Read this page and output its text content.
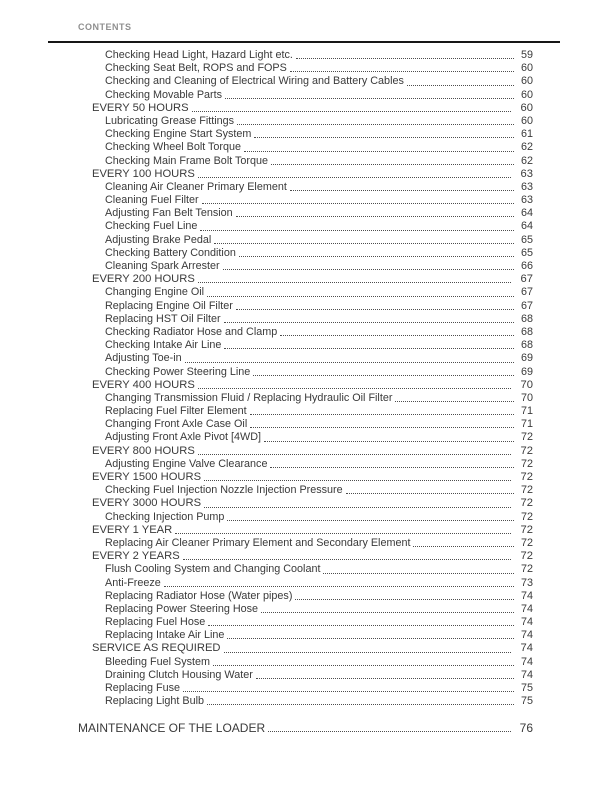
CONTENTS
Checking Head Light, Hazard Light etc.	59
Checking Seat Belt, ROPS and FOPS	60
Checking and Cleaning of Electrical Wiring and Battery Cables	60
Checking Movable Parts	60
EVERY 50 HOURS	60
Lubricating Grease Fittings	60
Checking Engine Start System	61
Checking Wheel Bolt Torque	62
Checking Main Frame Bolt Torque	62
EVERY 100 HOURS	63
Cleaning Air Cleaner Primary Element	63
Cleaning Fuel Filter	63
Adjusting Fan Belt Tension	64
Checking Fuel Line	64
Adjusting Brake Pedal	65
Checking Battery Condition	65
Cleaning Spark Arrester	66
EVERY 200 HOURS	67
Changing Engine Oil	67
Replacing Engine Oil Filter	67
Replacing HST Oil Filter	68
Checking Radiator Hose and Clamp	68
Checking Intake Air Line	68
Adjusting Toe-in	69
Checking Power Steering Line	69
EVERY 400 HOURS	70
Changing Transmission Fluid / Replacing Hydraulic Oil Filter	70
Replacing Fuel Filter Element	71
Changing Front Axle Case Oil	71
Adjusting Front Axle Pivot [4WD]	72
EVERY 800 HOURS	72
Adjusting Engine Valve Clearance	72
EVERY 1500 HOURS	72
Checking Fuel Injection Nozzle Injection Pressure	72
EVERY 3000 HOURS	72
Checking Injection Pump	72
EVERY 1 YEAR	72
Replacing Air Cleaner Primary Element and Secondary Element	72
EVERY 2 YEARS	72
Flush Cooling System and Changing Coolant	72
Anti-Freeze	73
Replacing Radiator Hose (Water pipes)	74
Replacing Power Steering Hose	74
Replacing Fuel Hose	74
Replacing Intake Air Line	74
SERVICE AS REQUIRED	74
Bleeding Fuel System	74
Draining Clutch Housing Water	74
Replacing Fuse	75
Replacing Light Bulb	75
MAINTENANCE OF THE LOADER	76
